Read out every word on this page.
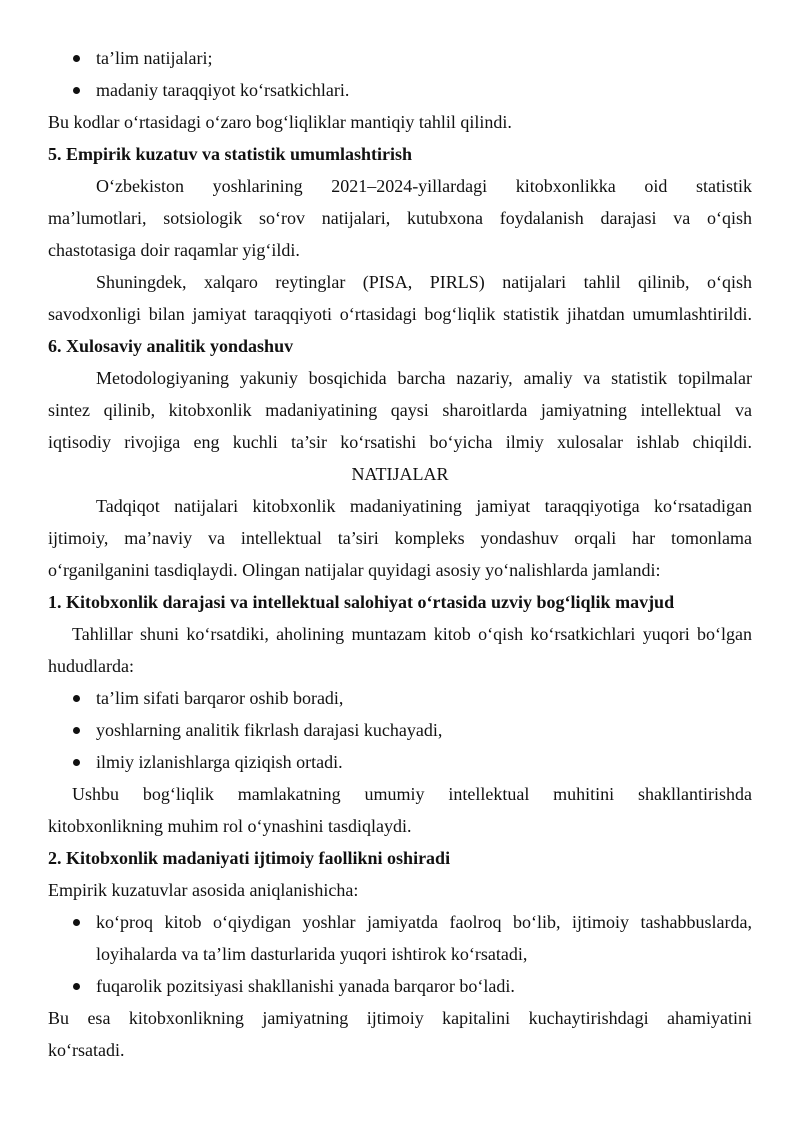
ta’lim natijalari;
madaniy taraqqiyot ko‘rsatkichlari.
Bu kodlar o‘rtasidagi o‘zaro bog‘liqliklar mantiqiy tahlil qilindi.
5. Empirik kuzatuv va statistik umumlashtirish
O‘zbekiston yoshlarining 2021–2024-yillardagi kitobxonlikka oid statistik
ma’lumotlari, sotsiologik so‘rov natijalari, kutubxona foydalanish darajasi va o‘qish
chastotasiga doir raqamlar yig‘ildi.
Shuningdek, xalqaro reytinglar (PISA, PIRLS) natijalari tahlil qilinib, o‘qish
savodxonligi bilan jamiyat taraqqiyoti o‘rtasidagi bog‘liqlik statistik jihatdan umumlashtirildi.
6. Xulosaviy analitik yondashuv
Metodologiyaning yakuniy bosqichida barcha nazariy, amaliy va statistik topilmalar
sintez qilinib, kitobxonlik madaniyatining qaysi sharoitlarda jamiyatning intellektual va
iqtisodiy rivojiga eng kuchli ta’sir ko‘rsatishi bo‘yicha ilmiy xulosalar ishlab chiqildi.
NATIJALAR
Tadqiqot natijalari kitobxonlik madaniyatining jamiyat taraqqiyotiga ko‘rsatadigan
ijtimoiy, ma’naviy va intellektual ta’siri kompleks yondashuv orqali har tomonlama
o‘rganilganini tasdiqlaydi. Olingan natijalar quyidagi asosiy yo‘nalishlarda jamlandi:
1. Kitobxonlik darajasi va intellektual salohiyat o‘rtasida uzviy bog‘liqlik mavjud
Tahlillar shuni ko‘rsatdiki, aholining muntazam kitob o‘qish ko‘rsatkichlari yuqori bo‘lgan
hududlarda:
ta’lim sifati barqaror oshib boradi,
yoshlarning analitik fikrlash darajasi kuchayadi,
ilmiy izlanishlarga qiziqish ortadi.
Ushbu bog‘liqlik mamlakatning umumiy intellektual muhitini shakllantirishda
kitobxonlikning muhim rol o‘ynashini tasdiqlaydi.
2. Kitobxonlik madaniyati ijtimoiy faollikni oshiradi
Empirik kuzatuvlar asosida aniqlanishicha:
ko‘proq kitob o‘qiydigan yoshlar jamiyatda faolroq bo‘lib, ijtimoiy tashabbuslarda,
loyihalarda va ta’lim dasturlarida yuqori ishtirok ko‘rsatadi,
fuqarolik pozitsiyasi shakllanishi yanada barqaror bo‘ladi.
Bu esa kitobxonlikning jamiyatning ijtimoiy kapitalini kuchaytirishdagi ahamiyatini
ko‘rsatadi.
